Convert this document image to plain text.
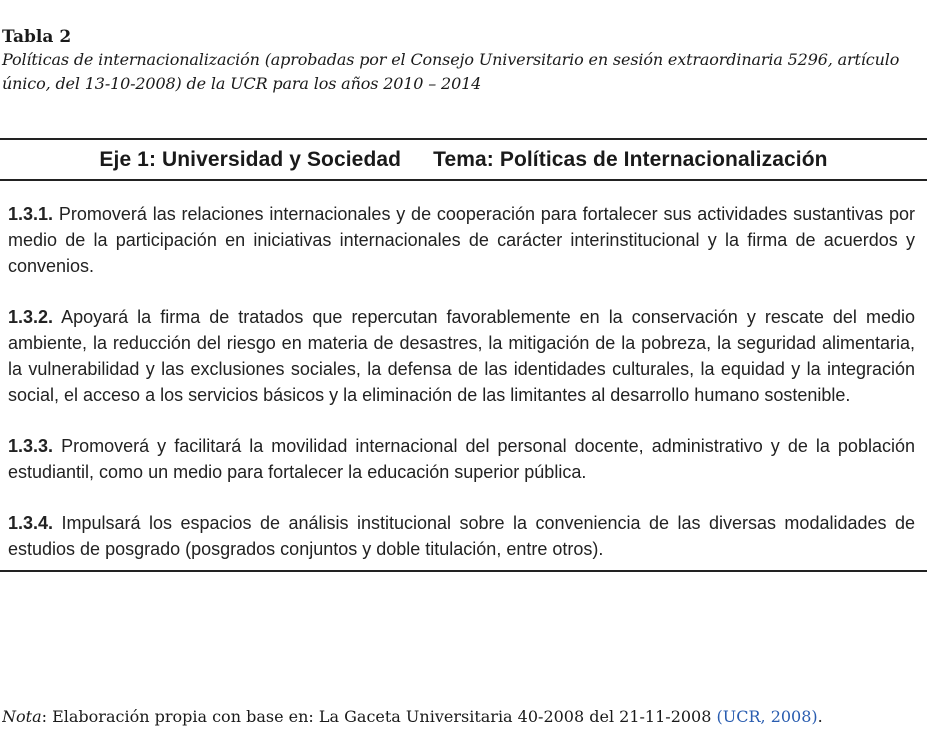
Tabla 2

Políticas de internacionalización (aprobadas por el Consejo Universitario en sesión extraordinaria 5296, artículo único, del 13-10-2008) de la UCR para los años 2010 – 2014

Eje 1: Universidad y Sociedad Tema: Políticas de Internacionalización

1.3.1. Promoverá las relaciones internacionales y de cooperación para fortalecer sus actividades sustantivas por medio de la participación en iniciativas internacionales de carácter interinstitucional y la firma de acuerdos y convenios.

1.3.2. Apoyará la firma de tratados que repercutan favorablemente en la conservación y rescate del medio ambiente, la reducción del riesgo en materia de desastres, la mitigación de la pobreza, la seguridad alimentaria, la vulnerabilidad y las exclusiones sociales, la defensa de las identidades culturales, la equidad y la integración social, el acceso a los servicios básicos y la eliminación de las limitantes al desarrollo humano sostenible.

1.3.3. Promoverá y facilitará la movilidad internacional del personal docente, administrativo y de la población estudiantil, como un medio para fortalecer la educación superior pública.

1.3.4. Impulsará los espacios de análisis institucional sobre la conveniencia de las diversas modalidades de estudios de posgrado (posgrados conjuntos y doble titulación, entre otros).

Nota: Elaboración propia con base en: La Gaceta Universitaria 40-2008 del 21-11-2008 (UCR, 2008).
